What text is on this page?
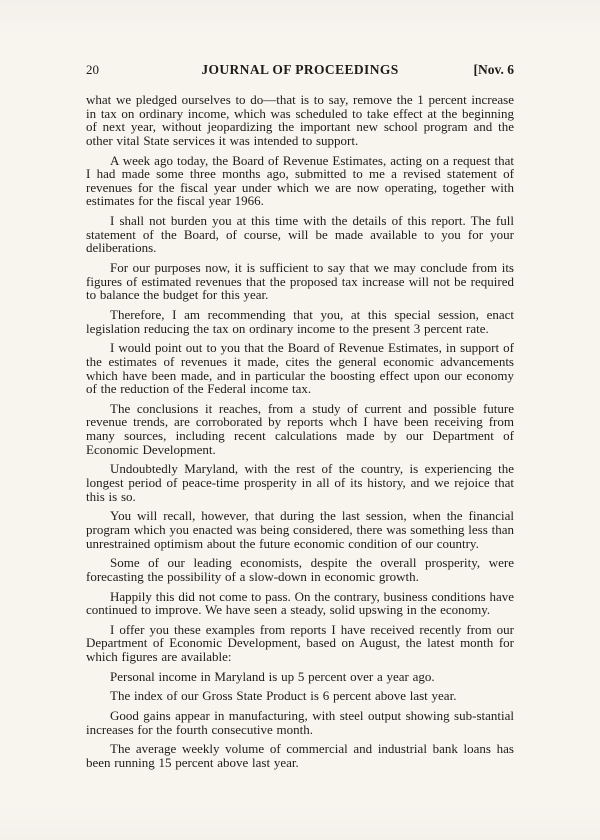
20	JOURNAL OF PROCEEDINGS	[Nov. 6

what we pledged ourselves to do—that is to say, remove the 1 percent increase in tax on ordinary income, which was scheduled to take effect at the beginning of next year, without jeopardizing the important new school program and the other vital State services it was intended to support.

A week ago today, the Board of Revenue Estimates, acting on a request that I had made some three months ago, submitted to me a revised statement of revenues for the fiscal year under which we are now operating, together with estimates for the fiscal year 1966.

I shall not burden you at this time with the details of this report. The full statement of the Board, of course, will be made available to you for your deliberations.

For our purposes now, it is sufficient to say that we may conclude from its figures of estimated revenues that the proposed tax increase will not be required to balance the budget for this year.

Therefore, I am recommending that you, at this special session, enact legislation reducing the tax on ordinary income to the present 3 percent rate.

I would point out to you that the Board of Revenue Estimates, in support of the estimates of revenues it made, cites the general economic advancements which have been made, and in particular the boosting effect upon our economy of the reduction of the Federal income tax.

The conclusions it reaches, from a study of current and possible future revenue trends, are corroborated by reports whch I have been receiving from many sources, including recent calculations made by our Department of Economic Development.

Undoubtedly Maryland, with the rest of the country, is experiencing the longest period of peace-time prosperity in all of its history, and we rejoice that this is so.

You will recall, however, that during the last session, when the financial program which you enacted was being considered, there was something less than unrestrained optimism about the future economic condition of our country.

Some of our leading economists, despite the overall prosperity, were forecasting the possibility of a slow-down in economic growth.

Happily this did not come to pass. On the contrary, business conditions have continued to improve. We have seen a steady, solid upswing in the economy.

I offer you these examples from reports I have received recently from our Department of Economic Development, based on August, the latest month for which figures are available:

Personal income in Maryland is up 5 percent over a year ago.

The index of our Gross State Product is 6 percent above last year.

Good gains appear in manufacturing, with steel output showing sub-stantial increases for the fourth consecutive month.

The average weekly volume of commercial and industrial bank loans has been running 15 percent above last year.
